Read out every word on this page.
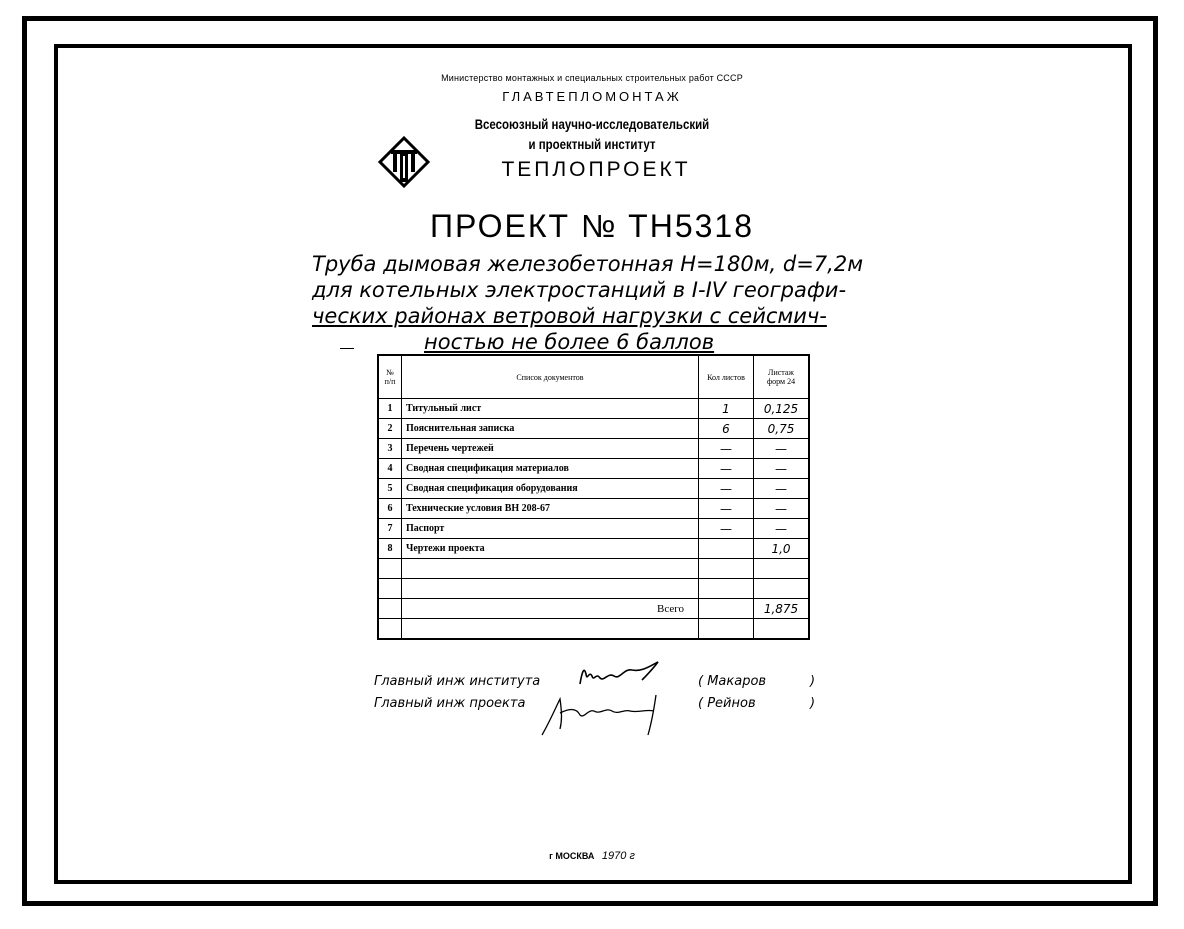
Министерство монтажных и специальных строительных работ СССР
ГЛАВТЕПЛОМОНТАЖ
Всесоюзный научно-исследовательский
и проектный институт
ТЕПЛОПРОЕКТ
ПРОЕКТ № ТН5318
Труба дымовая железобетонная H=180м, d=7,2м
для котельных электростанций в I-IV географи-
ческих районах ветровой нагрузки с сейсмич-
ностью не более 6 баллов
№ п/п	Список документов	Кол листов	Листаж форм 24
1	Титульный лист	1	0,125
2	Пояснительная записка	6	0,75
3	Перечень чертежей	—	—
4	Сводная спецификация материалов	—	—
5	Сводная спецификация оборудования	—	—
6	Технические условия ВН 208-67	—	—
7	Паспорт	—	—
8	Чертежи проекта		1,0

	Всего		1,875

Главный инж института	( Макаров	)
Главный инж проекта	( Рейнов	)
г МОСКВА 1970 г
